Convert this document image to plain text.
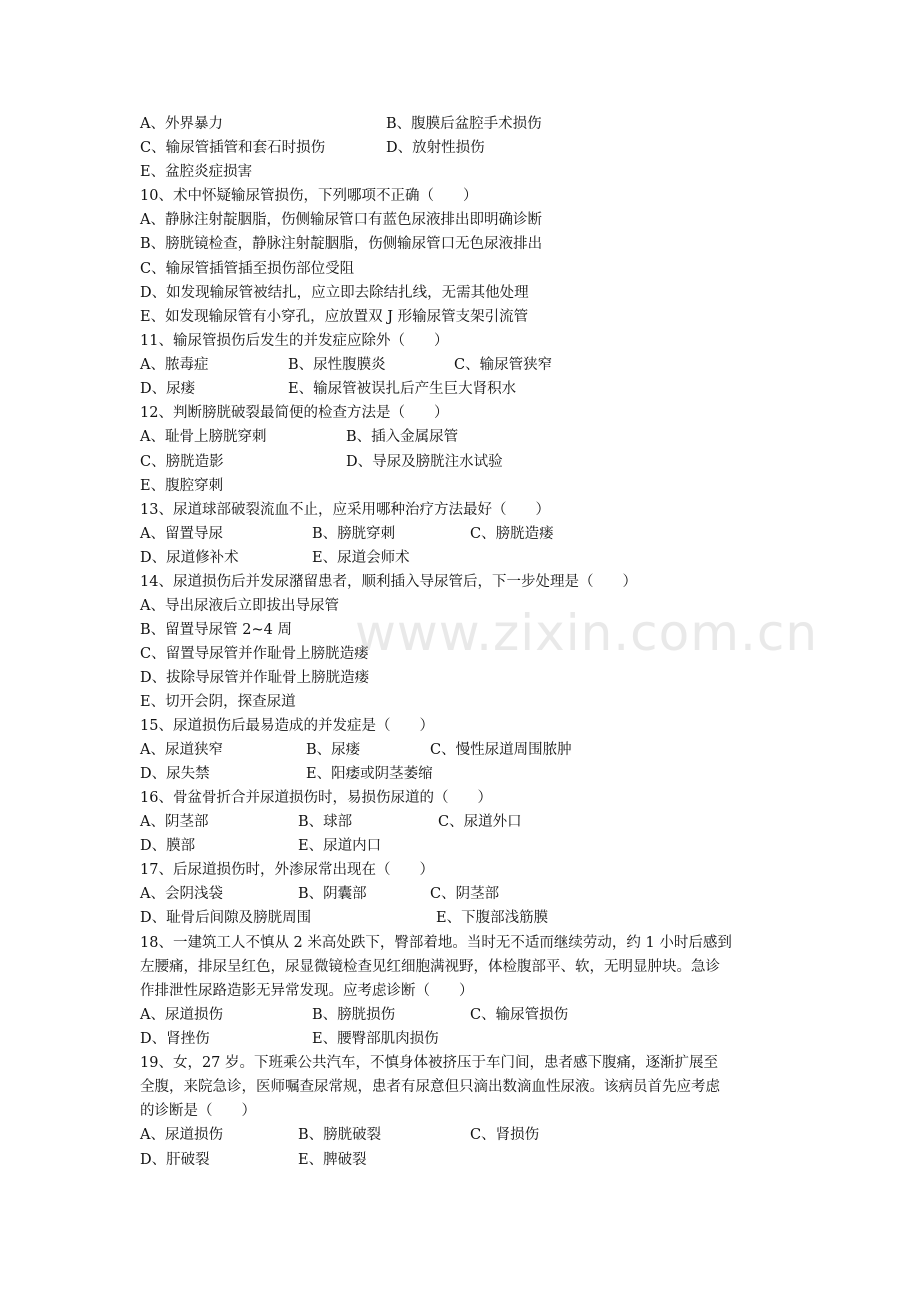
www.zixin.com.cn
A、外界暴力	B、腹膜后盆腔手术损伤
C、输尿管插管和套石时损伤	D、放射性损伤
E、盆腔炎症损害
10、术中怀疑输尿管损伤，下列哪项不正确（　　）
A、静脉注射靛胭脂，伤侧输尿管口有蓝色尿液排出即明确诊断
B、膀胱镜检查，静脉注射靛胭脂，伤侧输尿管口无色尿液排出
C、输尿管插管插至损伤部位受阻
D、如发现输尿管被结扎，应立即去除结扎线，无需其他处理
E、如发现输尿管有小穿孔，应放置双 J 形输尿管支架引流管
11、输尿管损伤后发生的并发症应除外（　　）
A、脓毒症	B、尿性腹膜炎	C、输尿管狭窄
D、尿瘘	E、输尿管被误扎后产生巨大肾积水
12、判断膀胱破裂最简便的检查方法是（　　）
A、耻骨上膀胱穿刺	B、插入金属尿管
C、膀胱造影	D、导尿及膀胱注水试验
E、腹腔穿刺
13、尿道球部破裂流血不止，应采用哪种治疗方法最好（　　）
A、留置导尿	B、膀胱穿刺	C、膀胱造瘘
D、尿道修补术	E、尿道会师术
14、尿道损伤后并发尿潴留患者，顺利插入导尿管后，下一步处理是（　　）
A、导出尿液后立即拔出导尿管
B、留置导尿管 2~4 周
C、留置导尿管并作耻骨上膀胱造瘘
D、拔除导尿管并作耻骨上膀胱造瘘
E、切开会阴，探查尿道
15、尿道损伤后最易造成的并发症是（　　）
A、尿道狭窄	B、尿瘘	C、慢性尿道周围脓肿
D、尿失禁	E、阳痿或阴茎萎缩
16、骨盆骨折合并尿道损伤时，易损伤尿道的（　　）
A、阴茎部	B、球部	C、尿道外口
D、膜部	E、尿道内口
17、后尿道损伤时，外渗尿常出现在（　　）
A、会阴浅袋	B、阴囊部	C、阴茎部
D、耻骨后间隙及膀胱周围	E、下腹部浅筋膜
18、一建筑工人不慎从 2 米高处跌下，臀部着地。当时无不适而继续劳动，约 1 小时后感到
左腰痛，排尿呈红色，尿显微镜检查见红细胞满视野，体检腹部平、软，无明显肿块。急诊
作排泄性尿路造影无异常发现。应考虑诊断（　　）
A、尿道损伤	B、膀胱损伤	C、输尿管损伤
D、肾挫伤	E、腰臀部肌肉损伤
19、女，27 岁。下班乘公共汽车，不慎身体被挤压于车门间，患者感下腹痛，逐渐扩展至
全腹，来院急诊，医师嘱查尿常规，患者有尿意但只滴出数滴血性尿液。该病员首先应考虑
的诊断是（　　）
A、尿道损伤	B、膀胱破裂	C、肾损伤
D、肝破裂	E、脾破裂
